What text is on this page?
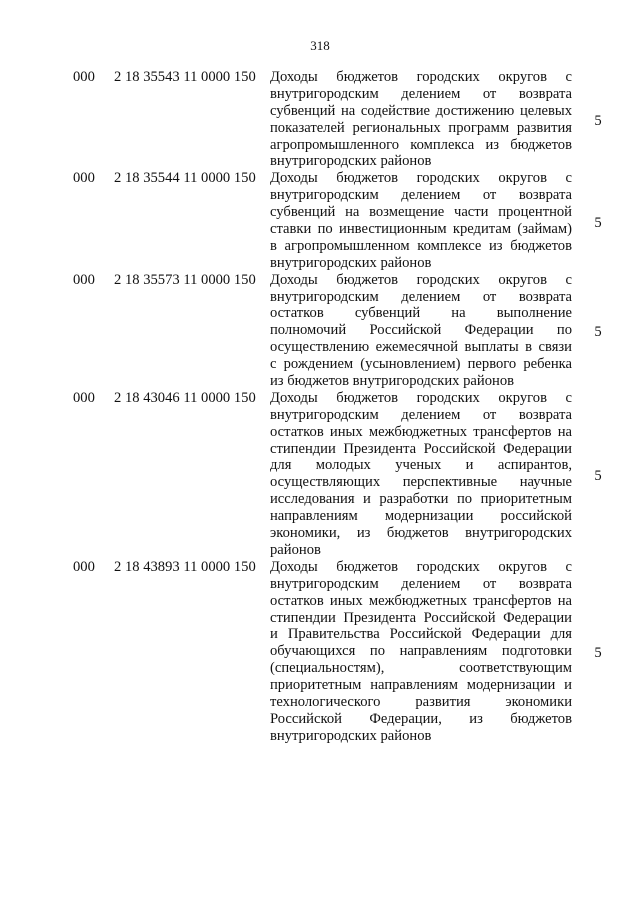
318
000	2 18 35543 11 0000 150 Доходы бюджетов городских округов с
внутригородским делением от возврата
субвенций на содействие достижению целевых
показателей региональных программ развития
агропромышленного комплекса из бюджетов
внутригородских районов
5
000	2 18 35544 11 0000 150 Доходы бюджетов городских округов с
внутригородским делением от возврата
субвенций на возмещение части процентной
ставки по инвестиционным кредитам (займам)
в агропромышленном комплексе из бюджетов
внутригородских районов
5
000	2 18 35573 11 0000 150 Доходы бюджетов городских округов с
внутригородским делением от возврата
остатков субвенций на выполнение
полномочий Российской Федерации по
осуществлению ежемесячной выплаты в связи
с рождением (усыновлением) первого ребенка
из бюджетов внутригородских районов
5
000	2 18 43046 11 0000 150 Доходы бюджетов городских округов с
внутригородским делением от возврата
остатков иных межбюджетных трансфертов на
стипендии Президента Российской Федерации
для молодых ученых и аспирантов,
осуществляющих перспективные научные
исследования и разработки по приоритетным
направлениям модернизации российской
экономики, из бюджетов внутригородских
районов
5
000	2 18 43893 11 0000 150 Доходы бюджетов городских округов с
внутригородским делением от возврата
остатков иных межбюджетных трансфертов на
стипендии Президента Российской Федерации
и Правительства Российской Федерации для
обучающихся по направлениям подготовки
(специальностям), соответствующим
приоритетным направлениям модернизации и
технологического развития экономики
Российской Федерации, из бюджетов
внутригородских районов
5
